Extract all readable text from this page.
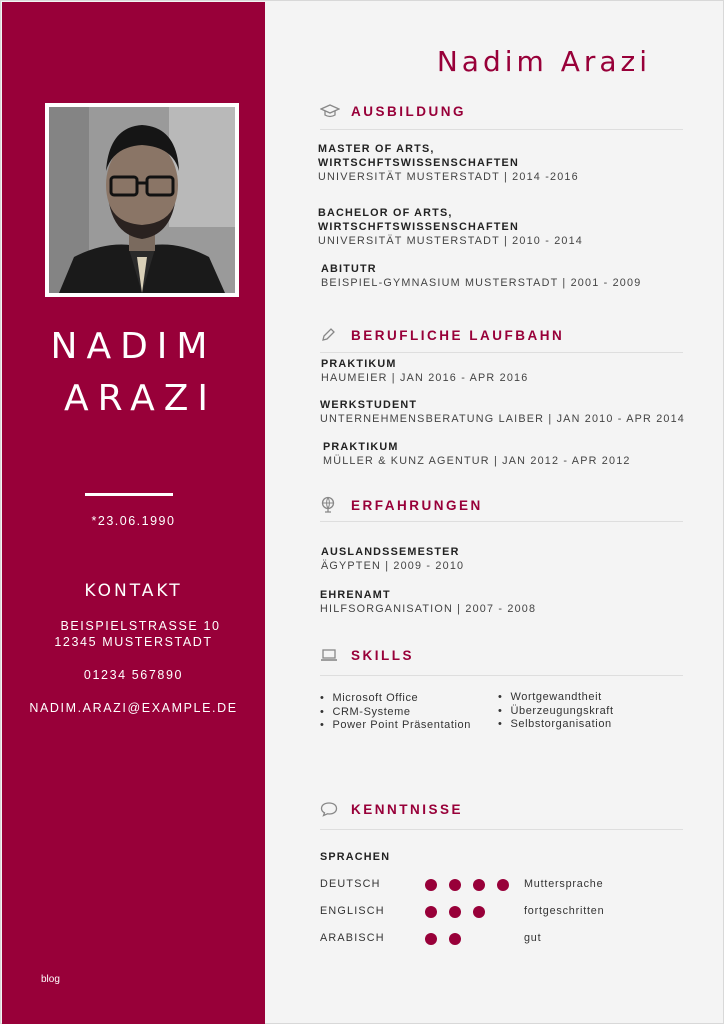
NADIM
ARAZI
*23.06.1990
KONTAKT
BEISPIELSTRASSE 10
12345 MUSTERSTADT
01234 567890
NADIM.ARAZI@EXAMPLE.DE
blog
Nadim Arazi
AUSBILDUNG
MASTER OF ARTS,
WIRTSCHFTSWISSENSCHAFTEN
UNIVERSITÄT MUSTERSTADT | 2014 -2016
BACHELOR OF ARTS,
WIRTSCHFTSWISSENSCHAFTEN
UNIVERSITÄT MUSTERSTADT | 2010 - 2014
ABITUTR
BEISPIEL-GYMNASIUM MUSTERSTADT | 2001 - 2009
BERUFLICHE LAUFBAHN
PRAKTIKUM
HAUMEIER | JAN 2016 - APR 2016
WERKSTUDENT
UNTERNEHMENSBERATUNG LAIBER | JAN 2010 - APR 2014
PRAKTIKUM
MÜLLER & KUNZ AGENTUR | JAN 2012 - APR 2012
ERFAHRUNGEN
AUSLANDSSEMESTER
ÄGYPTEN | 2009 - 2010
EHRENAMT
HILFSORGANISATION | 2007 - 2008
SKILLS
• Microsoft Office
• CRM-Systeme
• Power Point Präsentation
• Wortgewandtheit
• Überzeugungskraft
• Selbstorganisation
KENNTNISSE
SPRACHEN
DEUTSCH	Muttersprache
ENGLISCH	fortgeschritten
ARABISCH	gut
